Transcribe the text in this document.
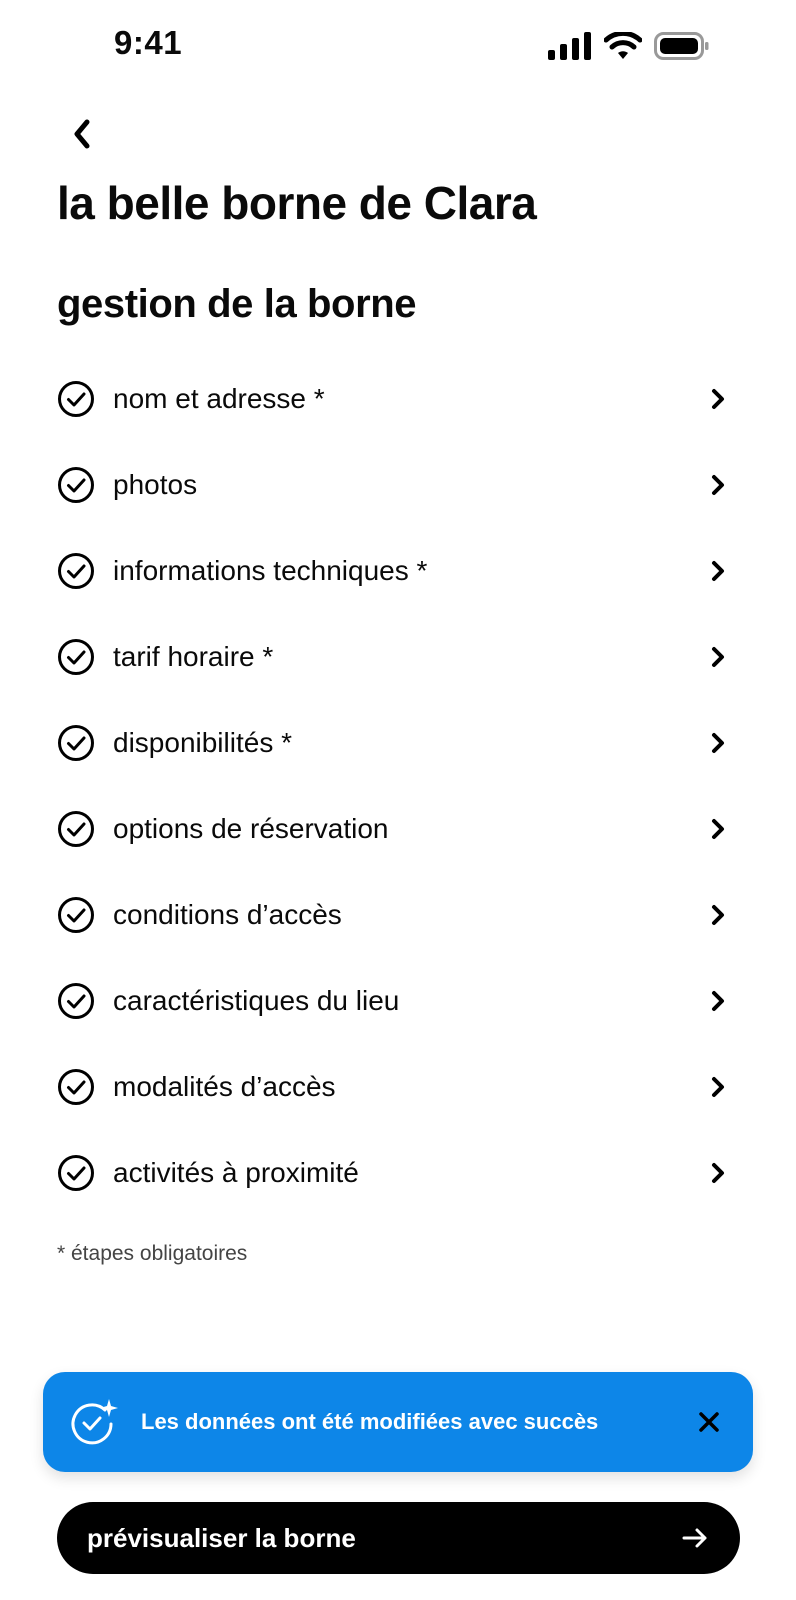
9:41
la belle borne de Clara
gestion de la borne
nom et adresse *
photos
informations techniques *
tarif horaire *
disponibilités *
options de réservation
conditions d’accès
caractéristiques du lieu
modalités d’accès
activités à proximité
* étapes obligatoires
Les données ont été modifiées avec succès
prévisualiser la borne
